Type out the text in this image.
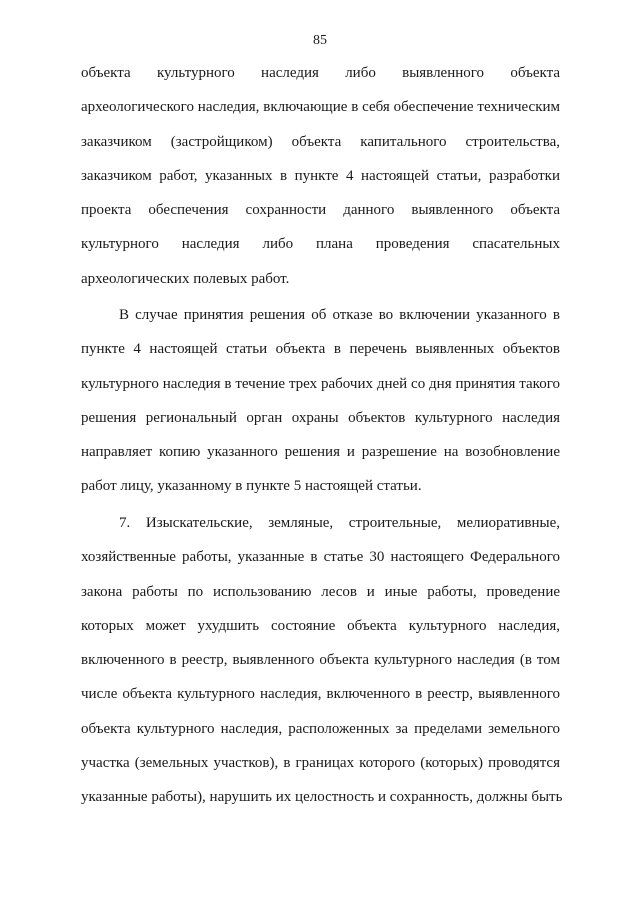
85
объекта культурного наследия либо выявленного объекта
археологического наследия, включающие в себя обеспечение техническим
заказчиком (застройщиком) объекта капитального строительства,
заказчиком работ, указанных в пункте 4 настоящей статьи, разработки
проекта обеспечения сохранности данного выявленного объекта
культурного наследия либо плана проведения спасательных
археологических полевых работ.
В случае принятия решения об отказе во включении указанного в
пункте 4 настоящей статьи объекта в перечень выявленных объектов
культурного наследия в течение трех рабочих дней со дня принятия такого
решения региональный орган охраны объектов культурного наследия
направляет копию указанного решения и разрешение на возобновление
работ лицу, указанному в пункте 5 настоящей статьи.
7. Изыскательские, земляные, строительные, мелиоративные,
хозяйственные работы, указанные в статье 30 настоящего Федерального
закона работы по использованию лесов и иные работы, проведение
которых может ухудшить состояние объекта культурного наследия,
включенного в реестр, выявленного объекта культурного наследия (в том
числе объекта культурного наследия, включенного в реестр, выявленного
объекта культурного наследия, расположенных за пределами земельного
участка (земельных участков), в границах которого (которых) проводятся
указанные работы), нарушить их целостность и сохранность, должны быть
